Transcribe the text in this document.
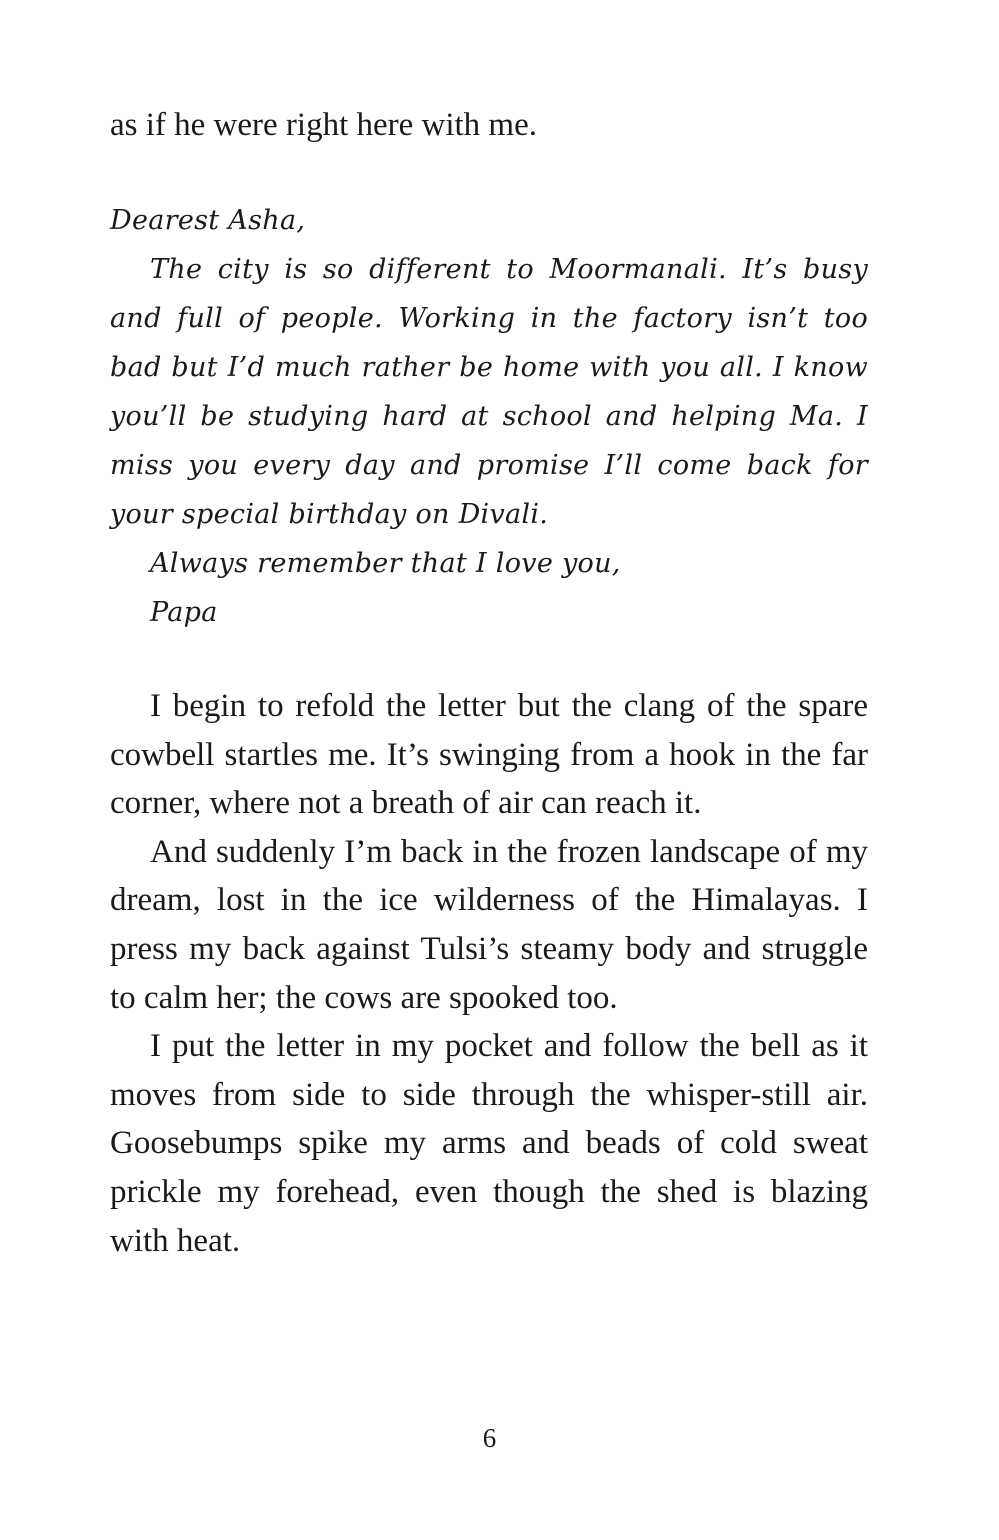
as if he were right here with me.

Dearest Asha,

The city is so different to Moormanali. It’s busy and full of people. Working in the factory isn’t too bad but I’d much rather be home with you all. I know you’ll be studying hard at school and helping Ma. I miss you every day and promise I’ll come back for your special birthday on Divali.

Always remember that I love you,

Papa

I begin to refold the letter but the clang of the spare cowbell startles me. It’s swinging from a hook in the far corner, where not a breath of air can reach it.

And suddenly I’m back in the frozen landscape of my dream, lost in the ice wilderness of the Himalayas. I press my back against Tulsi’s steamy body and struggle to calm her; the cows are spooked too.

I put the letter in my pocket and follow the bell as it moves from side to side through the whisper-still air. Goosebumps spike my arms and beads of cold sweat prickle my forehead, even though the shed is blazing with heat.

6
